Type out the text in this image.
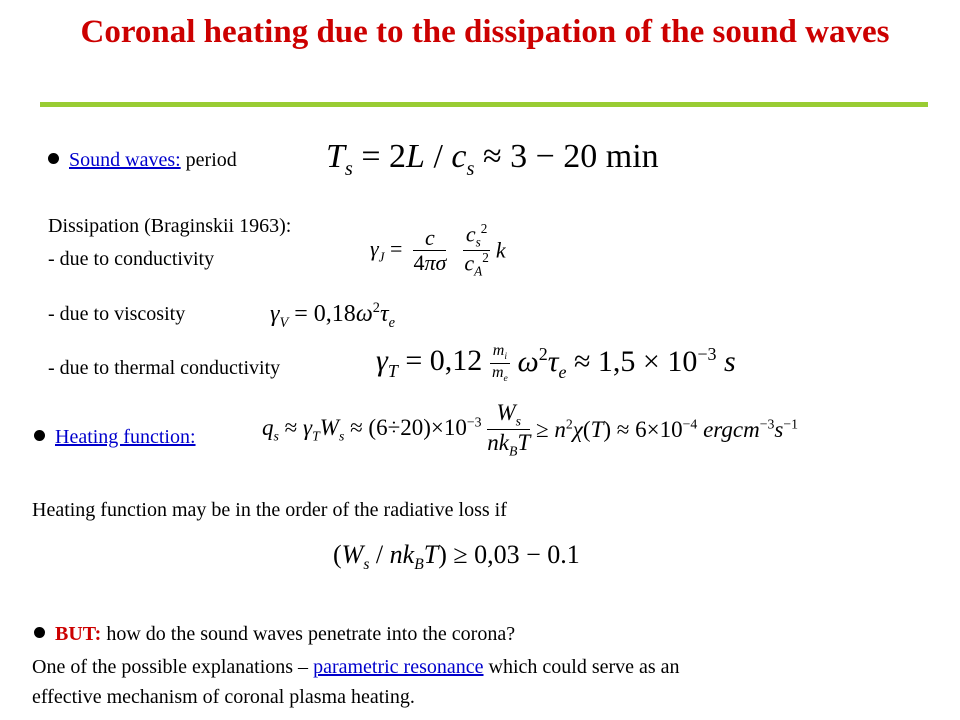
Coronal heating due to the dissipation of the sound waves
Sound waves: period	$T_s = 2L / c_s \approx 3 - 20$ min
Dissipation (Braginskii 1963):
- due to conductivity	$\gamma_J = \frac{c}{4\pi\sigma}$
$\frac{c_s^2}{c_A^2}$ k
- due to viscosity	$\gamma_V = 0,18\omega^2\tau_e$
- due to thermal conductivity	$\gamma_T = 0,12 \frac{m_i}{m_e} \omega^2\tau_e \approx 1,5 \times 10^{-3}$ s
Heating function:	$q_s \approx \gamma_TW_s \approx (6\div 20)\times 10^{-3} \frac{W_s}{nk_BT} \ge n^2\chi(T) \approx 6\times 10^{-4}$ $ergcm^{-3}s^{-1}$
Heating function may be in the order of the radiative loss if
$(W_s / nk_BT) \ge 0,03 - 0.1$
BUT: how do the sound waves penetrate into the corona?
One of the possible explanations – parametric resonance which could serve as an
effective mechanism of coronal plasma heating.
